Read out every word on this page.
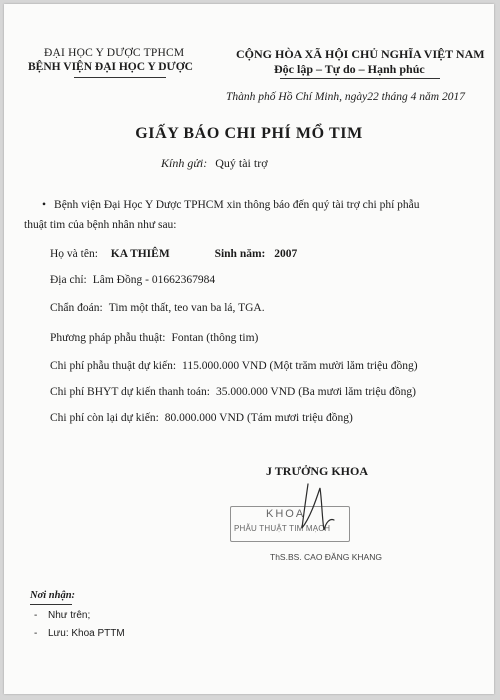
ĐẠI HỌC Y DƯỢC TPHCM
BỆNH VIỆN ĐẠI HỌC Y DƯỢC
CỘNG HÒA XÃ HỘI CHỦ NGHĨA VIỆT NAM
Độc lập – Tự do – Hạnh phúc
Thành phố Hồ Chí Minh, ngày22 tháng 4 năm 2017
GIẤY BÁO CHI PHÍ MỔ TIM
Kính gửi: Quý tài trợ
• Bệnh viện Đại Học Y Dược TPHCM xin thông báo đến quý tài trợ chi phí phẫu
thuật tim của bệnh nhân như sau:
Họ và tên: KA THIÊM	Sinh năm: 2007
Địa chỉ: Lâm Đồng - 01662367984
Chẩn đoán: Tim một thất, teo van ba lá, TGA.
Phương pháp phẫu thuật: Fontan (thông tim)
Chi phí phẫu thuật dự kiến: 115.000.000 VND (Một trăm mười lăm triệu đồng)
Chi phí BHYT dự kiến thanh toán: 35.000.000 VND (Ba mươi lăm triệu đồng)
Chi phí còn lại dự kiến: 80.000.000 VND (Tám mươi triệu đồng)
J TRƯỞNG KHOA
KHOA
PHẪU THUẬT TIM MẠCH
ThS.BS. CAO ĐĂNG KHANG
Nơi nhận:
- Như trên;
- Lưu: Khoa PTTM
